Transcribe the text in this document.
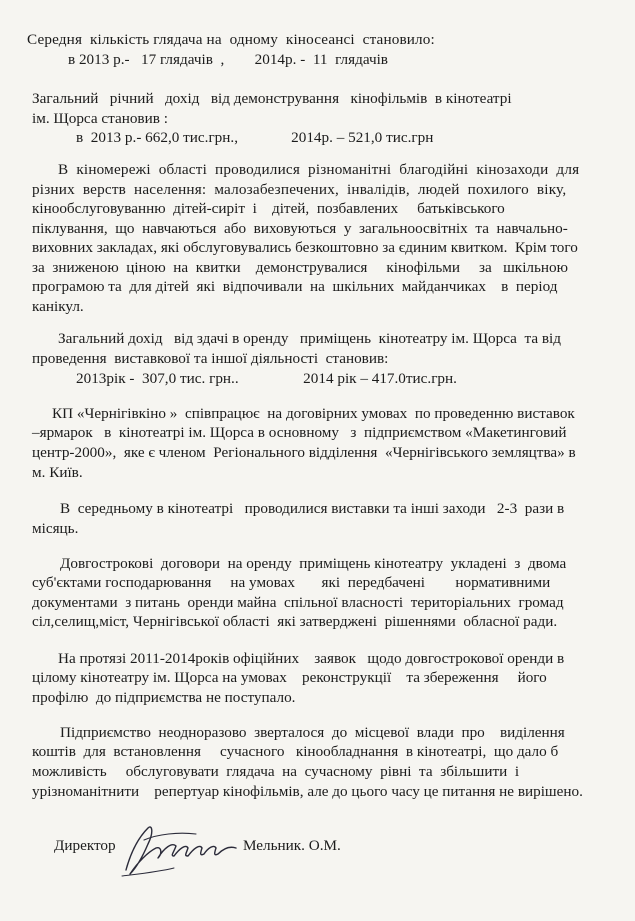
Середня  кількість глядача на  одному  кіносеансі  становило:
в 2013 р.-   17 глядачів  ,        2014р. -  11  глядачів
Загальний   річний   дохід   від демонстрування   кінофільмів  в кінотеатрі
ім. Щорса становив :
в  2013 р.- 662,0 тис.грн.,              2014р. – 521,0 тис.грн
В  кіномережі  області  проводилися  різноманітні  благодійні  кінозаходи  для
різних  верств  населення:  малозабезпечених,  інвалідів,  людей  похилого  віку,
кінообслуговуванню  дітей-сиріт  і    дітей,  позбавлених     батьківського
піклування,  що  навчаються  або  виховуються  у  загальноосвітніх  та  навчально-
виховних закладах, які обслуговувались безкоштовно за єдиним квитком.  Крім того
за  зниженою  ціною  на  квитки    демонструвалися     кінофільми     за   шкільною
програмою та  для дітей  які  відпочивали  на  шкільних  майданчиках    в  період
канікул.
Загальний дохід   від здачі в оренду   приміщень  кінотеатру ім. Щорса  та від
проведення  виставкової та іншої діяльності  становив:
2013рік -  307,0 тис. грн..                 2014 рік – 417.0тис.грн.
КП «Чернігівкіно »  співпрацює  на договірних умовах  по проведенню виставок
–ярмарок   в  кінотеатрі ім. Щорса в основному   з  підприємством «Макетинговий
центр-2000»,  яке є членом  Регіонального відділення  «Чернігівського земляцтва» в
м. Київ.
В  середньому в кінотеатрі   проводилися виставки та інші заходи   2-3  рази в
місяць.
Довгострокові  договори  на оренду  приміщень кінотеатру  укладені  з  двома
суб'єктами господарювання     на умовах       які  передбачені        нормативними
документами  з питань  оренди майна  спільної власності  територіальних  громад
сіл,селищ,міст, Чернігівської області  які затверджені  рішеннями  обласної ради.
На протязі 2011-2014років офіційних    заявок   щодо довгострокової оренди в
цілому кінотеатру ім. Щорса на умовах    реконструкції    та збереження     його
профілю  до підприємства не поступало.
Підприємство  неодноразово  зверталося  до  місцевої  влади  про    виділення
коштів  для  встановлення     сучасного   кінообладнання  в кінотеатрі,  що дало б
можливість     обслуговувати  глядача  на  сучасному  рівні  та  збільшити  і
урізноманітнити    репертуар кінофільмів, але до цього часу це питання не вирішено.
Директор	Мельник. О.М.
